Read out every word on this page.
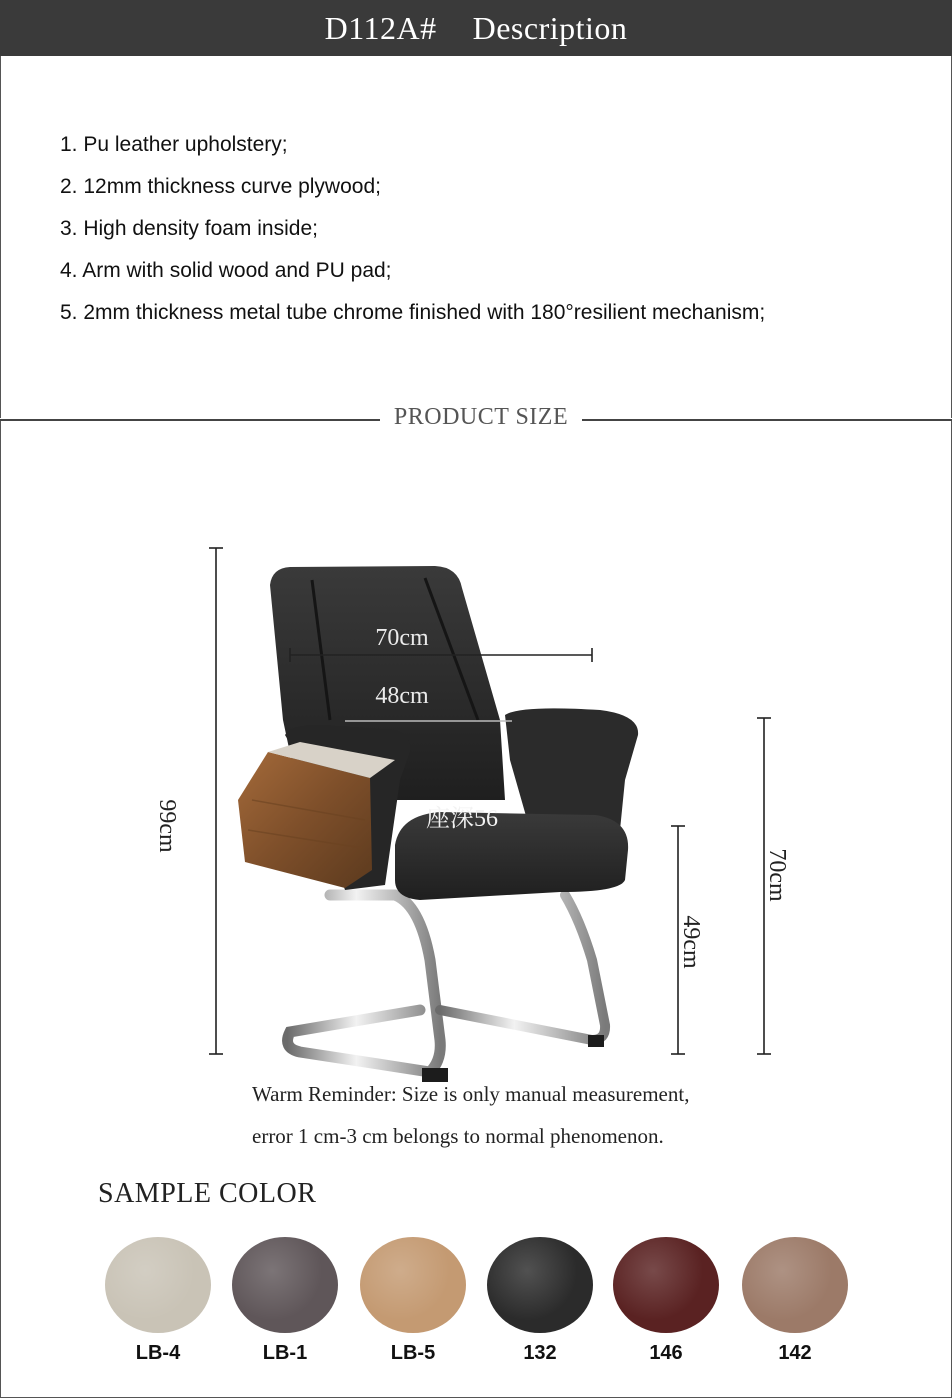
D112A# Description
1. Pu leather upholstery;
2. 12mm thickness curve plywood;
3. High density foam inside;
4. Arm with solid wood and PU pad;
5. 2mm thickness metal tube chrome finished with 180°resilient mechanism;
PRODUCT SIZE
70cm
48cm
座深56
99cm
70cm
49cm
Warm Reminder: Size is only manual measurement,
error 1 cm-3 cm belongs to normal phenomenon.
SAMPLE COLOR
LB-4	LB-1	LB-5	132	146	142
